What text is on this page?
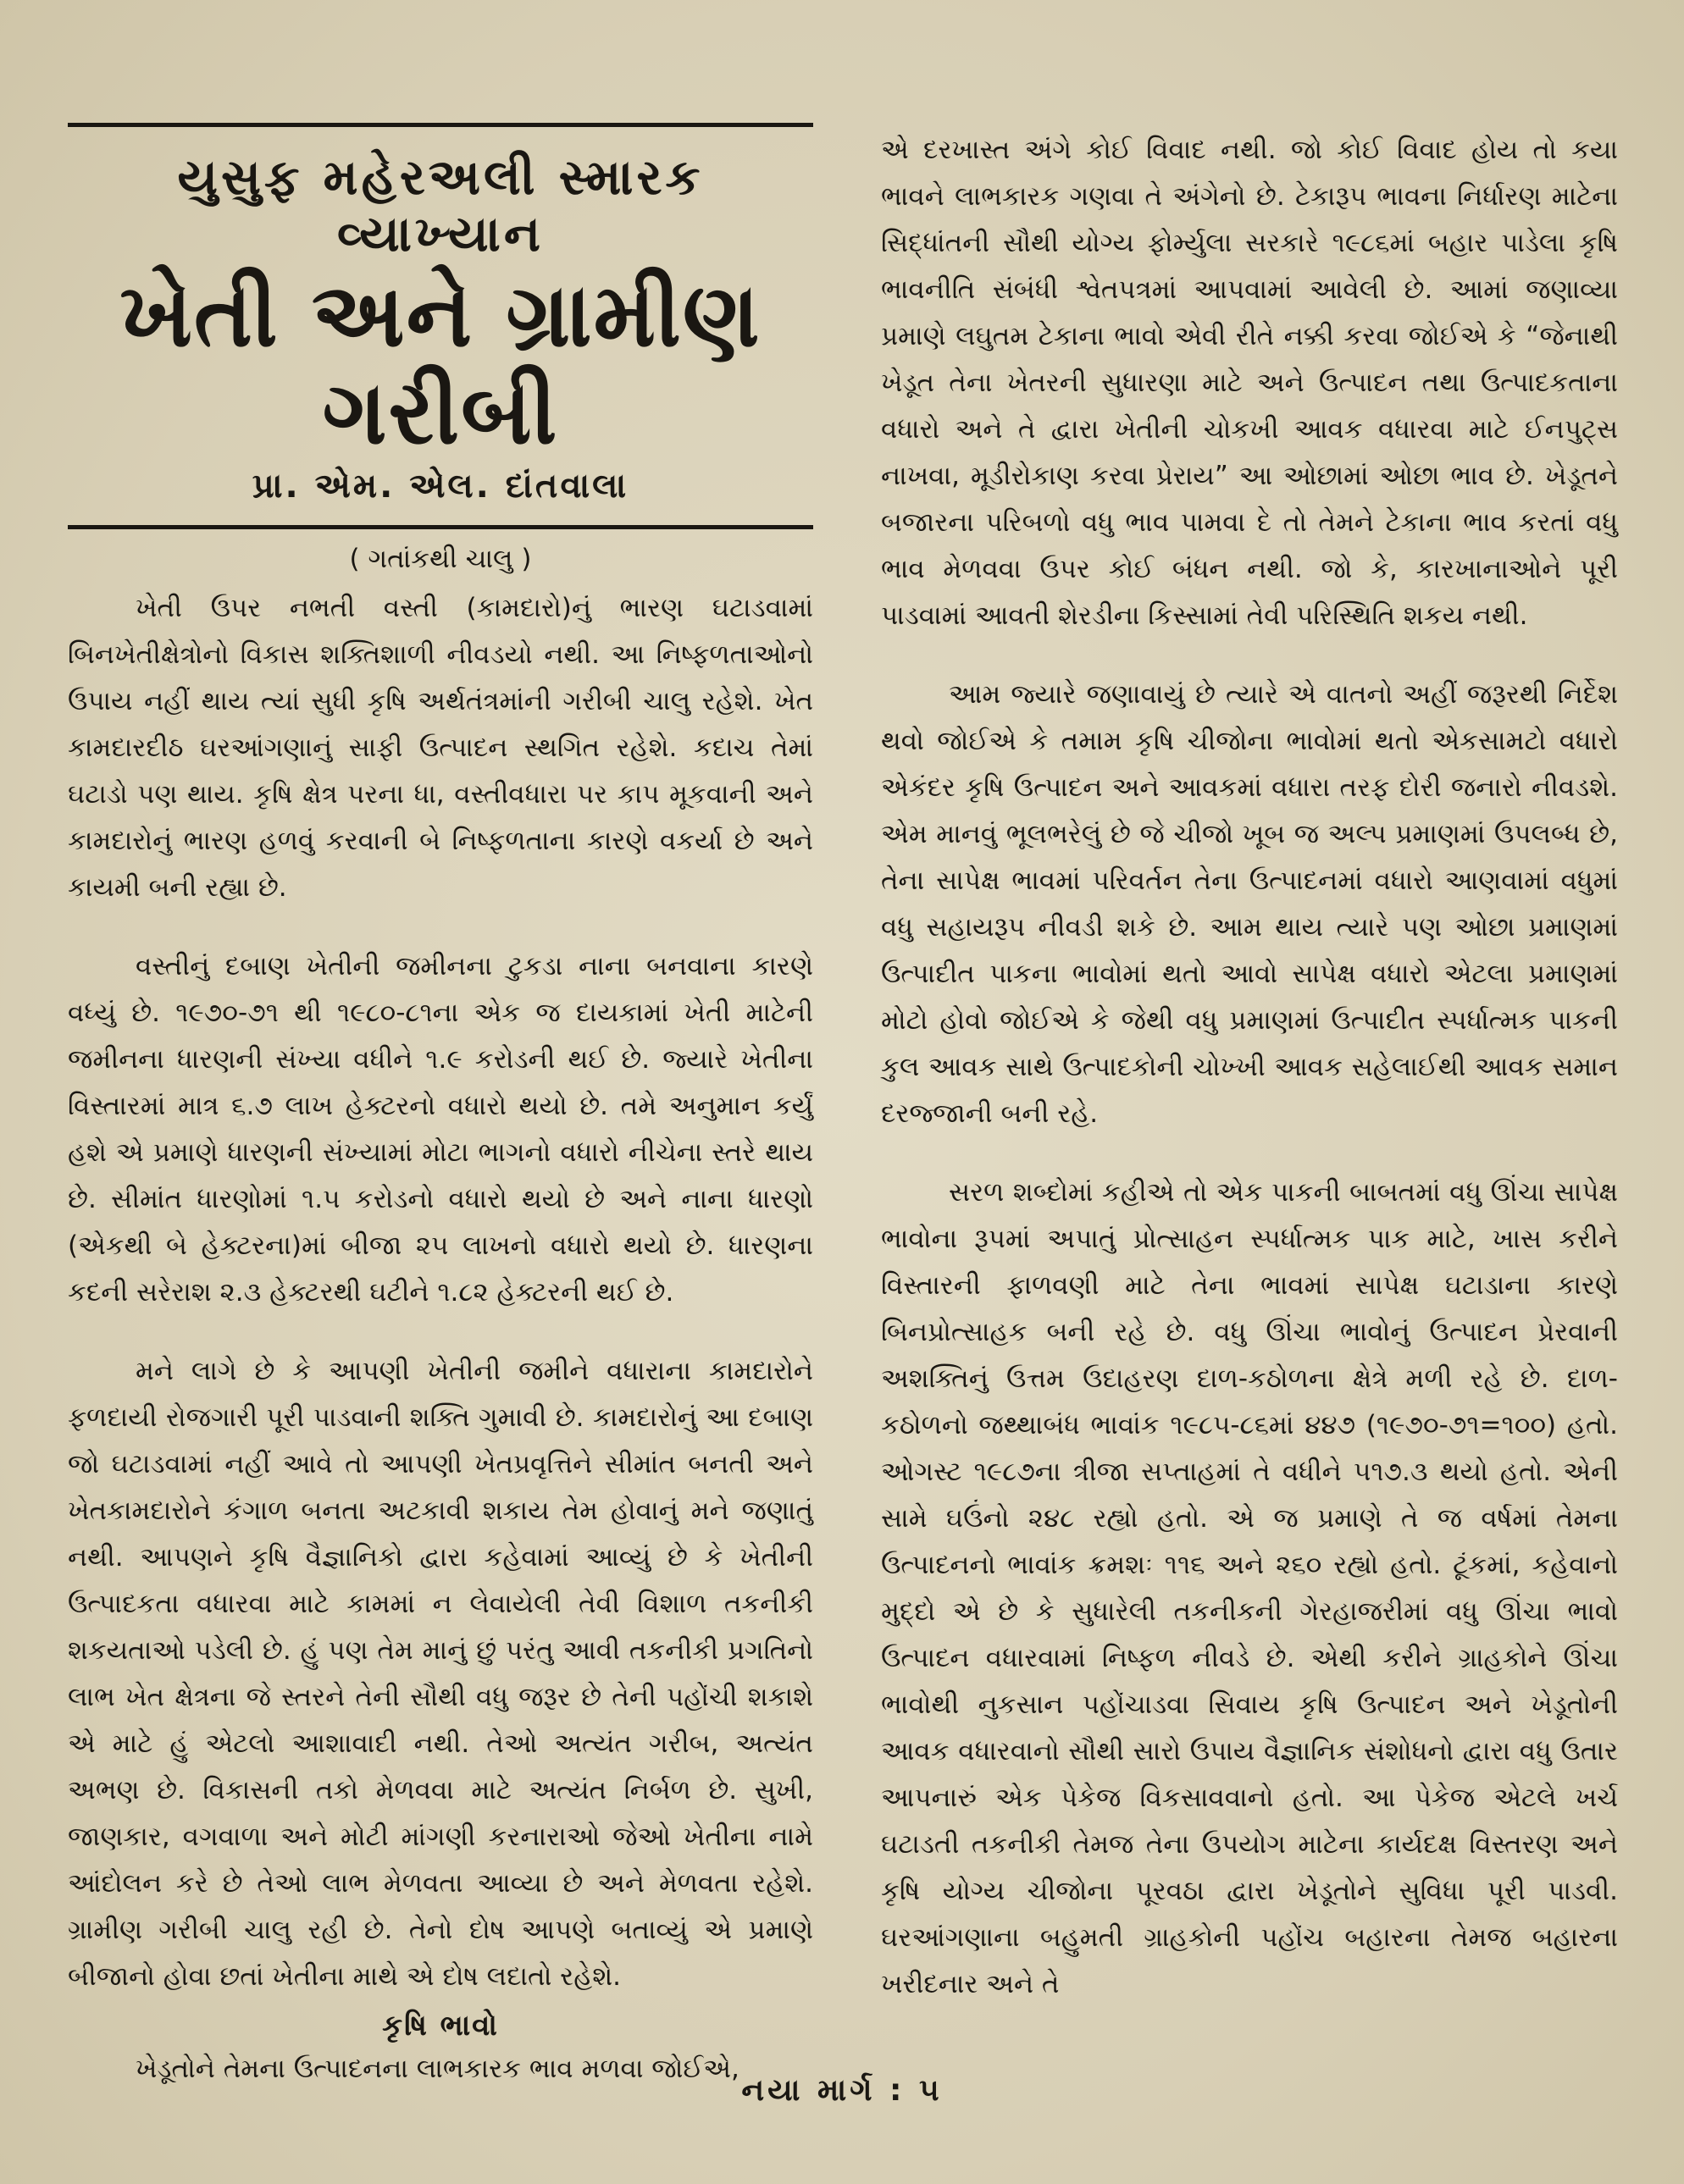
યુસુફ મહેરઅલી સ્મારક વ્યાખ્યાન
ખેતી અને ગ્રામીણ ગરીબી
પ્રા. એમ. એલ. દાંતવાલા
( ગતાંકથી ચાલુ )

ખેતી ઉપર નભતી વસ્તી (કામદારો)નું ભારણ ઘટાડવામાં બિનખેતીક્ષેત્રોનો વિકાસ શક્તિશાળી નીવડયો નથી. આ નિષ્ફળતાઓનો ઉપાય નહીં થાય ત્યાં સુધી કૃષિ અર્થતંત્રમાંની ગરીબી ચાલુ રહેશે. ખેત કામદારદીઠ ઘરઆંગણાનું સાફી ઉત્પાદન સ્થગિત રહેશે. કદાચ તેમાં ઘટાડો પણ થાય. કૃષિ ક્ષેત્ર પરના ધા, વસ્તીવધારા પર કાપ મૂકવાની અને કામદારોનું ભારણ હળવું કરવાની બે નિષ્ફળતાના કારણે વકર્યા છે અને કાયમી બની રહ્યા છે.

વસ્તીનું દબાણ ખેતીની જમીનના ટુકડા નાના બનવાના કારણે વધ્યું છે. ૧૯૭૦-૭૧ થી ૧૯૮૦-૮૧ના એક જ દાયકામાં ખેતી માટેની જમીનના ધારણની સંખ્યા વધીને ૧.૯ કરોડની થઈ છે. જ્યારે ખેતીના વિસ્તારમાં માત્ર ૬.૭ લાખ હેક્ટરનો વધારો થયો છે. તમે અનુમાન કર્યું હશે એ પ્રમાણે ધારણની સંખ્યામાં મોટા ભાગનો વધારો નીચેના સ્તરે થાય છે. સીમાંત ધારણોમાં ૧.૫ કરોડનો વધારો થયો છે અને નાના ધારણો (એકથી બે હેક્ટરના)માં બીજા ૨૫ લાખનો વધારો થયો છે. ધારણના કદની સરેરાશ ૨.૩ હેક્ટરથી ઘટીને ૧.૮૨ હેક્ટરની થઈ છે.

મને લાગે છે કે આપણી ખેતીની જમીને વધારાના કામદારોને ફળદાયી રોજગારી પૂરી પાડવાની શક્તિ ગુમાવી છે. કામદારોનું આ દબાણ જો ઘટાડવામાં નહીં આવે તો આપણી ખેતપ્રવૃત્તિને સીમાંત બનતી અને ખેતકામદારોને કંગાળ બનતા અટકાવી શકાય તેમ હોવાનું મને જણાતું નથી. આપણને કૃષિ વૈજ્ઞાનિકો દ્વારા કહેવામાં આવ્યું છે કે ખેતીની ઉત્પાદકતા વધારવા માટે કામમાં ન લેવાયેલી તેવી વિશાળ તકનીકી શકયતાઓ પડેલી છે. હું પણ તેમ માનું છું પરંતુ આવી તકનીકી પ્રગતિનો લાભ ખેત ક્ષેત્રના જે સ્તરને તેની સૌથી વધુ જરૂર છે તેની પહોંચી શકાશે એ માટે હું એટલો આશાવાદી નથી. તેઓ અત્યંત ગરીબ, અત્યંત અભણ છે. વિકાસની તકો મેળવવા માટે અત્યંત નિર્બળ છે. સુખી, જાણકાર, વગવાળા અને મોટી માંગણી કરનારાઓ જેઓ ખેતીના નામે આંદોલન કરે છે તેઓ લાભ મેળવતા આવ્યા છે અને મેળવતા રહેશે. ગ્રામીણ ગરીબી ચાલુ રહી છે. તેનો દોષ આપણે બતાવ્યું એ પ્રમાણે બીજાનો હોવા છતાં ખેતીના માથે એ દોષ લદાતો રહેશે.

કૃષિ ભાવો

ખેડૂતોને તેમના ઉત્પાદનના લાભકારક ભાવ મળવા જોઈએ,

એ દરખાસ્ત અંગે કોઈ વિવાદ નથી. જો કોઈ વિવાદ હોય તો કયા ભાવને લાભકારક ગણવા તે અંગેનો છે. ટેકારૂપ ભાવના નિર્ધારણ માટેના સિદ્ધાંતની સૌથી યોગ્ય ફોર્મ્યુલા સરકારે ૧૯૮૬માં બહાર પાડેલા કૃષિ ભાવનીતિ સંબંધી શ્વેતપત્રમાં આપવામાં આવેલી છે. આમાં જણાવ્યા પ્રમાણે લઘુતમ ટેકાના ભાવો એવી રીતે નક્કી કરવા જોઈએ કે “જેનાથી ખેડૂત તેના ખેતરની સુધારણા માટે અને ઉત્પાદન તથા ઉત્પાદકતાના વધારો અને તે દ્વારા ખેતીની ચોકખી આવક વધારવા માટે ઈનપુટ્સ નાખવા, મૂડીરોકાણ કરવા પ્રેરાય” આ ઓછામાં ઓછા ભાવ છે. ખેડૂતને બજારના પરિબળો વધુ ભાવ પામવા દે તો તેમને ટેકાના ભાવ કરતાં વધુ ભાવ મેળવવા ઉપર કોઈ બંધન નથી. જો કે, કારખાનાઓને પૂરી પાડવામાં આવતી શેરડીના કિસ્સામાં તેવી પરિસ્થિતિ શકય નથી.

આમ જ્યારે જણાવાયું છે ત્યારે એ વાતનો અહીં જરૂરથી નિર્દેશ થવો જોઈએ કે તમામ કૃષિ ચીજોના ભાવોમાં થતો એકસામટો વધારો એકંદર કૃષિ ઉત્પાદન અને આવકમાં વધારા તરફ દોરી જનારો નીવડશે. એમ માનવું ભૂલભરેલું છે જે ચીજો ખૂબ જ અલ્પ પ્રમાણમાં ઉપલબ્ધ છે, તેના સાપેક્ષ ભાવમાં પરિવર્તન તેના ઉત્પાદનમાં વધારો આણવામાં વધુમાં વધુ સહાયરૂપ નીવડી શકે છે. આમ થાય ત્યારે પણ ઓછા પ્રમાણમાં ઉત્પાદીત પાકના ભાવોમાં થતો આવો સાપેક્ષ વધારો એટલા પ્રમાણમાં મોટો હોવો જોઈએ કે જેથી વધુ પ્રમાણમાં ઉત્પાદીત સ્પર્ધાત્મક પાકની કુલ આવક સાથે ઉત્પાદકોની ચોખ્ખી આવક સહેલાઈથી આવક સમાન દરજ્જાની બની રહે.

સરળ શબ્દોમાં કહીએ તો એક પાકની બાબતમાં વધુ ઊંચા સાપેક્ષ ભાવોના રૂપમાં અપાતું પ્રોત્સાહન સ્પર્ધાત્મક પાક માટે, ખાસ કરીને વિસ્તારની ફાળવણી માટે તેના ભાવમાં સાપેક્ષ ઘટાડાના કારણે બિનપ્રોત્સાહક બની રહે છે. વધુ ઊંચા ભાવોનું ઉત્પાદન પ્રેરવાની અશક્તિનું ઉત્તમ ઉદાહરણ દાળ-કઠોળના ક્ષેત્રે મળી રહે છે. દાળ-કઠોળનો જથ્થાબંધ ભાવાંક ૧૯૮૫-૮૬માં ૪૪૭ (૧૯૭૦-૭૧=૧૦૦) હતો. ઓગસ્ટ ૧૯૮૭ના ત્રીજા સપ્તાહમાં તે વધીને ૫૧૭.૩ થયો હતો. એની સામે ઘઉંનો ૨૪૮ રહ્યો હતો. એ જ પ્રમાણે તે જ વર્ષમાં તેમના ઉત્પાદનનો ભાવાંક ક્રમશઃ ૧૧૬ અને ૨૬૦ રહ્યો હતો. ટૂંકમાં, કહેવાનો મુદ્દો એ છે કે સુધારેલી તકનીકની ગેરહાજરીમાં વધુ ઊંચા ભાવો ઉત્પાદન વધારવામાં નિષ્ફળ નીવડે છે. એથી કરીને ગ્રાહકોને ઊંચા ભાવોથી નુકસાન પહોંચાડવા સિવાય કૃષિ ઉત્પાદન અને ખેડૂતોની આવક વધારવાનો સૌથી સારો ઉપાય વૈજ્ઞાનિક સંશોધનો દ્વારા વધુ ઉતાર આપનારું એક પેકેજ વિકસાવવાનો હતો. આ પેકેજ એટલે ખર્ચ ઘટાડતી તકનીકી તેમજ તેના ઉપયોગ માટેના કાર્યદક્ષ વિસ્તરણ અને કૃષિ યોગ્ય ચીજોના પૂરવઠા દ્વારા ખેડૂતોને સુવિધા પૂરી પાડવી. ઘરઆંગણાના બહુમતી ગ્રાહકોની પહોંચ બહારના તેમજ બહારના ખરીદનાર અને તે

નયા માર્ગ : ૫
